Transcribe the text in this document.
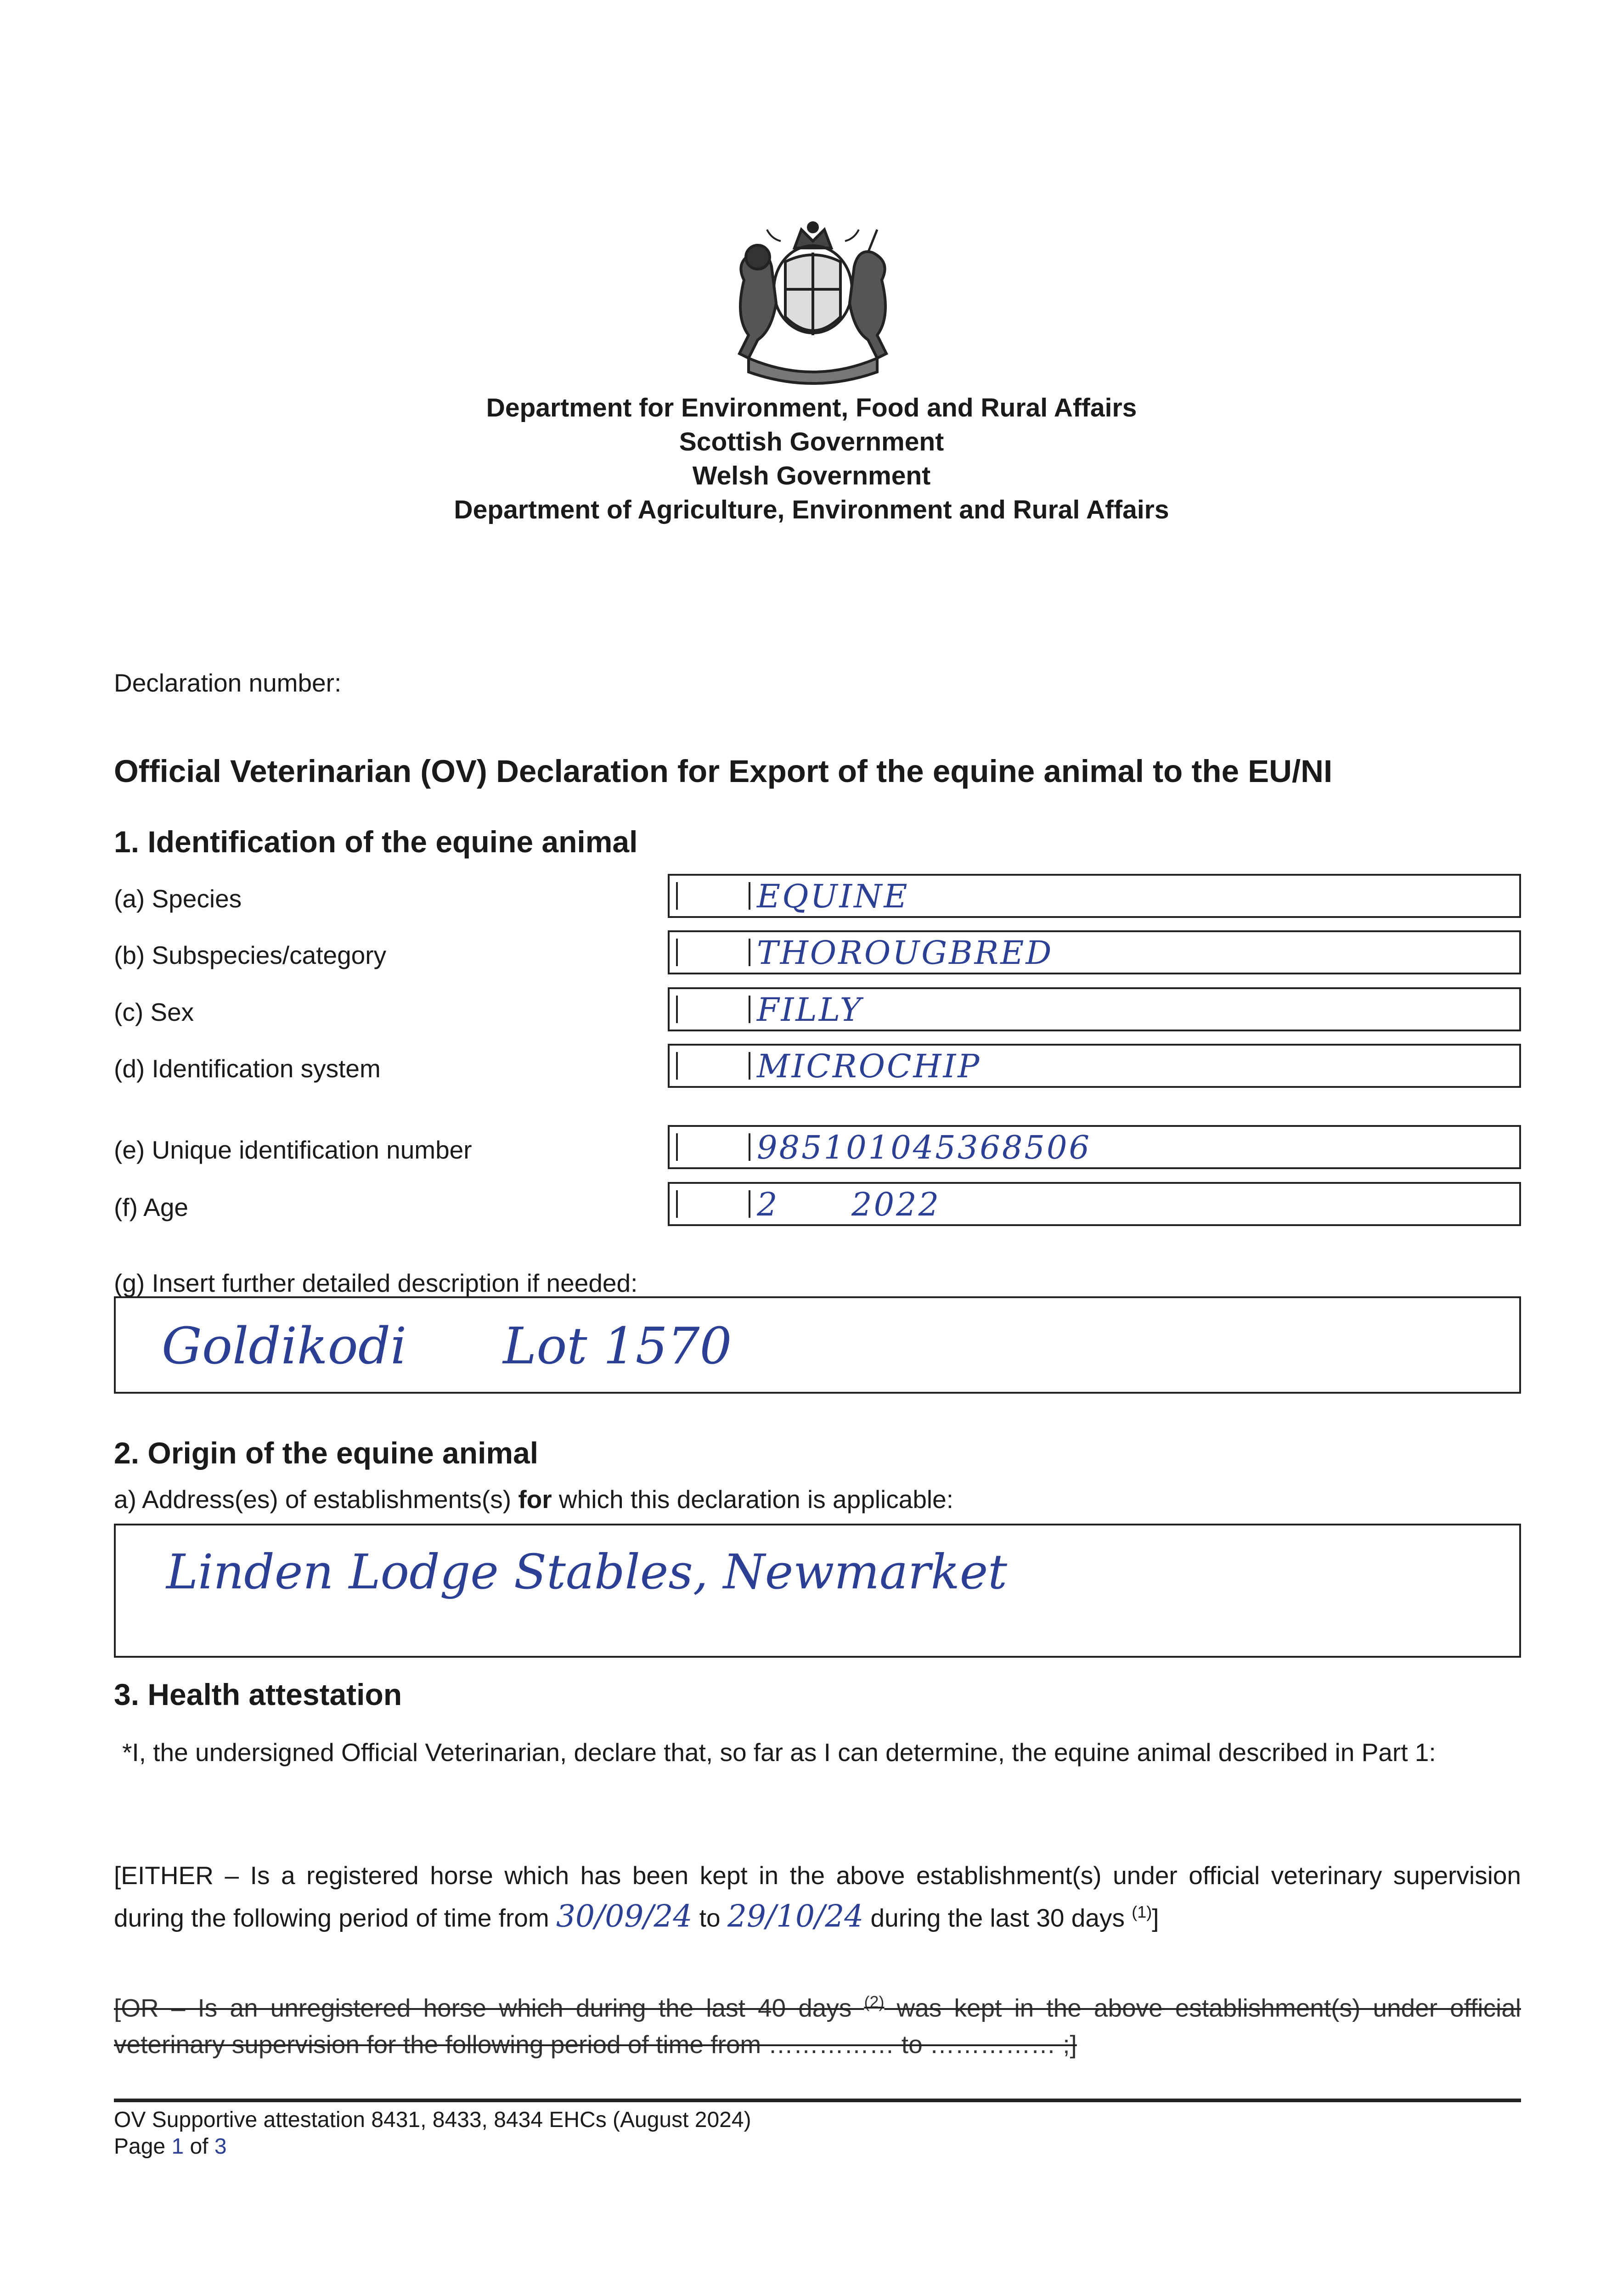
Department for Environment, Food and Rural Affairs
Scottish Government
Welsh Government
Department of Agriculture, Environment and Rural Affairs
Declaration number:
Official Veterinarian (OV) Declaration for Export of the equine animal to the EU/NI
1. Identification of the equine animal
(a) Species	EQUINE
(b) Subspecies/category	THOROUGBRED
(c) Sex	FILLY
(d) Identification system	MICROCHIP
(e) Unique identification number	985101045368506
(f) Age	2      2022
(g) Insert further detailed description if needed:
Goldikodi      Lot 1570
2. Origin of the equine animal
a) Address(es) of establishments(s) for which this declaration is applicable:
Linden Lodge Stables, Newmarket
3. Health attestation
*I, the undersigned Official Veterinarian, declare that, so far as I can determine, the equine animal described in Part 1:
[EITHER – Is a registered horse which has been kept in the above establishment(s) under official veterinary supervision during the following period of time from 30/09/24 to 29/10/24 during the last 30 days $^{(1)}$]
[OR – Is an unregistered horse which during the last 40 days $^{(2)}$ was kept in the above establishment(s) under official veterinary supervision for the following period of time from …………… to …………… ;]
OV Supportive attestation 8431, 8433, 8434 EHCs (August 2024)
Page 1 of 3
